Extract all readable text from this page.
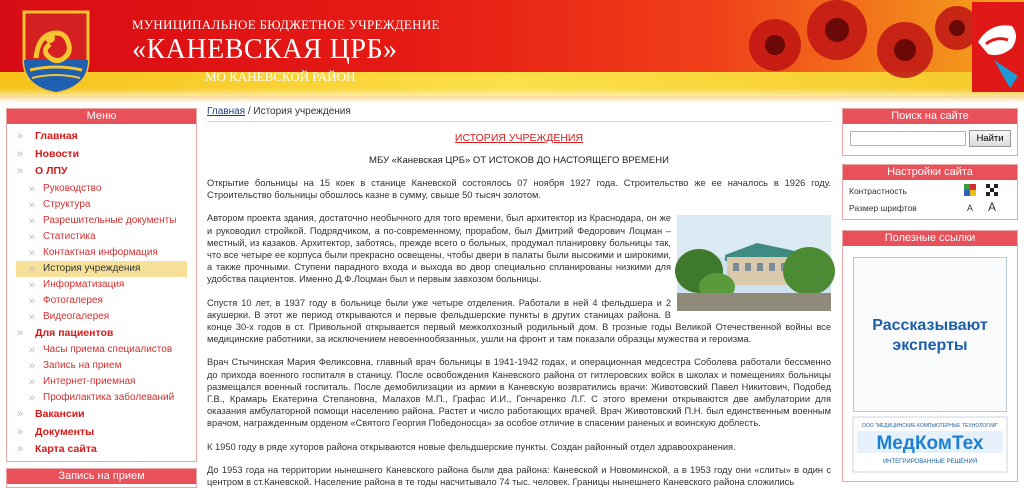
МУНИЦИПАЛЬНОЕ БЮДЖЕТНОЕ УЧРЕЖДЕНИЕ
«КАНЕВСКАЯ ЦРБ»
МО КАНЕВСКОЙ РАЙОН
Меню
» Главная
» Новости
» О ЛПУ
» Руководство
» Структура
» Разрешительные документы
» Статистика
» Контактная информация
» История учреждения
» Информатизация
» Фотогалерея
» Видеогалерея
» Для пациентов
» Часы приема специалистов
» Запись на прием
» Интернет-приемная
» Профилактика заболеваний
» Вакансии
» Документы
» Карта сайта
Запись на прием
Главная / История учреждения
ИСТОРИЯ УЧРЕЖДЕНИЯ
МБУ «Каневская ЦРБ» ОТ ИСТОКОВ ДО НАСТОЯЩЕГО ВРЕМЕНИ

Открытие больницы на 15 коек в станице Каневской состоялось 07 ноября 1927 года. Строительство же ее началось в 1926 году. Строительство больницы обошлось казне в сумму, свыше 50 тысяч золотом.

Автором проекта здания, достаточно необычного для того времени, был архитектор из Краснодара, он же и руководил стройкой. Подрядчиком, а по-современному, прорабом, был Дмитрий Федорович Лоцман – местный, из казаков. Архитектор, заботясь, прежде всего о больных, продумал планировку больницы так, что все четыре ее корпуса были прекрасно освещены, чтобы двери в палаты были высокими и широкими, а также прочными. Ступени парадного входа и выхода во двор специально спланированы низкими для удобства пациентов. Именно Д.Ф.Лоцман был и первым завхозом больницы.

Спустя 10 лет, в 1937 году в больнице были уже четыре отделения. Работали в ней 4 фельдшера и 2 акушерки. В этот же период открываются и первые фельдшерские пункты в других станицах района. В конце 30-х годов в ст. Привольной открывается первый межколхозный родильный дом. В грозные годы Великой Отечественной войны все медицинские работники, за исключением невоеннообязанных, ушли на фронт и там показали образцы мужества и героизма.

Врач Стычинская Мария Феликсовна, главный врач больницы в 1941-1942 годах, и операционная медсестра Соболева работали бессменно до прихода военного госпиталя в станицу. После освобождения Каневского района от гитлеровских войск в школах и помещениях больницы размещался военный госпиталь. После демобилизации из армии в Каневскую возвратились врачи: Животовский Павел Никитович, Подобед Г.В., Крамарь Екатерина Степановна, Малахов М.П., Графас И.И., Гончаренко Л.Г. С этого времени открываются две амбулатории для оказания амбулаторной помощи населению района. Растет и число работающих врачей. Врач Животовский П.Н. был единственным военным врачом, награжденным орденом «Святого Георгия Победоносца» за особое отличие в спасении раненых и воинскую доблесть.

К 1950 году в ряде хуторов района открываются новые фельдшерские пункты. Создан районный отдел здравоохранения.

До 1953 года на территории нынешнего Каневского района были два района: Каневской и Новоминской, а в 1953 году они «слиты» в один с центром в ст.Каневской. Население района в те годы насчитывало 74 тыс. человек. Границы нынешнего Каневского района сложились

Поиск на сайте
Найти
Настройки сайта
Контрастность
Размер шрифтов	A	A
Полезные ссылки
Рассказывают эксперты
ООО "МЕДИЦИНСКИЕ КОМПЬЮТЕРНЫЕ ТЕХНОЛОГИИ"
МедКомТех
ИНТЕГРИРОВАННЫЕ РЕШЕНИЯ
